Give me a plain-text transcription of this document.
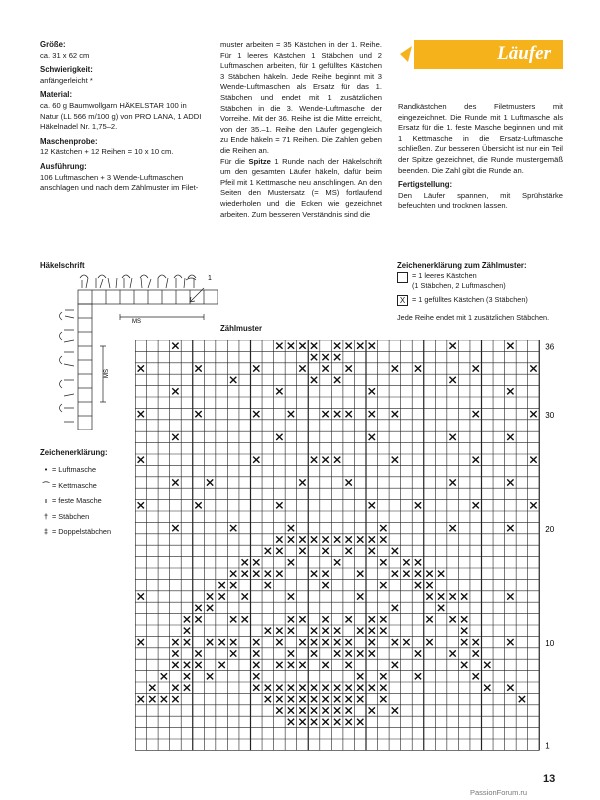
Größe:
ca. 31 x 62 cm
Schwierigkeit:
anfängerleicht *
Material:
ca. 60 g Baumwollgarn HÄKELSTAR 100 in Natur (LL 566 m/100 g) von PRO LANA, 1 ADDI Häkelnadel Nr. 1,75–2.
Maschenprobe:
12 Kästchen + 12 Reihen = 10 x 10 cm.
Ausführung:
106 Luftmaschen + 3 Wende-Luftmaschen anschlagen und nach dem Zählmuster im Filet-
muster arbeiten = 35 Kästchen in der 1. Reihe. Für 1 leeres Kästchen 1 Stäbchen und 2 Luftmaschen arbeiten, für 1 gefülltes Kästchen 3 Stäbchen häkeln. Jede Reihe beginnt mit 3 Wende-Luftmaschen als Ersatz für das 1. Stäbchen und endet mit 1 zusätzlichen Stäbchen in die 3. Wende-Luftmasche der Vorreihe. Mit der 36. Reihe ist die Mitte erreicht, von der 35.–1. Reihe den Läufer gegengleich zu Ende häkeln = 71 Reihen. Die Zahlen geben die Reihen an.
Für die Spitze 1 Runde nach der Häkelschrift um den gesamten Läufer häkeln, dafür beim Pfeil mit 1 Kettmasche neu anschlingen. An den Seiten den Mustersatz (= MS) fortlaufend wiederholen und die Ecken wie gezeichnet arbeiten. Zum besseren Verständnis sind die
Läufer
Randkästchen des Filetmusters mit eingezeichnet. Die Runde mit 1 Luftmasche als Ersatz für die 1. feste Masche beginnen und mit 1 Kettmasche in die Ersatz-Luftmasche schließen. Zur besseren Übersicht ist nur ein Teil der Spitze gezeichnet, die Runde mustergemäß beenden. Die Zahl gibt die Runde an.
Fertigstellung:
Den Läufer spannen, mit Sprühstärke befeuchten und trocknen lassen.
Häkelschrift
MS
MS
1
Zeichenerklärung:
• = Luftmasche
⌒ = Kettmasche
ı = feste Masche
† = Stäbchen
‡ = Doppelstäbchen
Zeichenerklärung zum Zählmuster:
= 1 leeres Kästchen
(1 Stäbchen, 2 Luftmaschen)
X = 1 gefülltes Kästchen (3 Stäbchen)
Jede Reihe endet mit 1 zusätzlichen Stäbchen.
Zählmuster
36
30
20
10
1
13
PassionForum.ru
